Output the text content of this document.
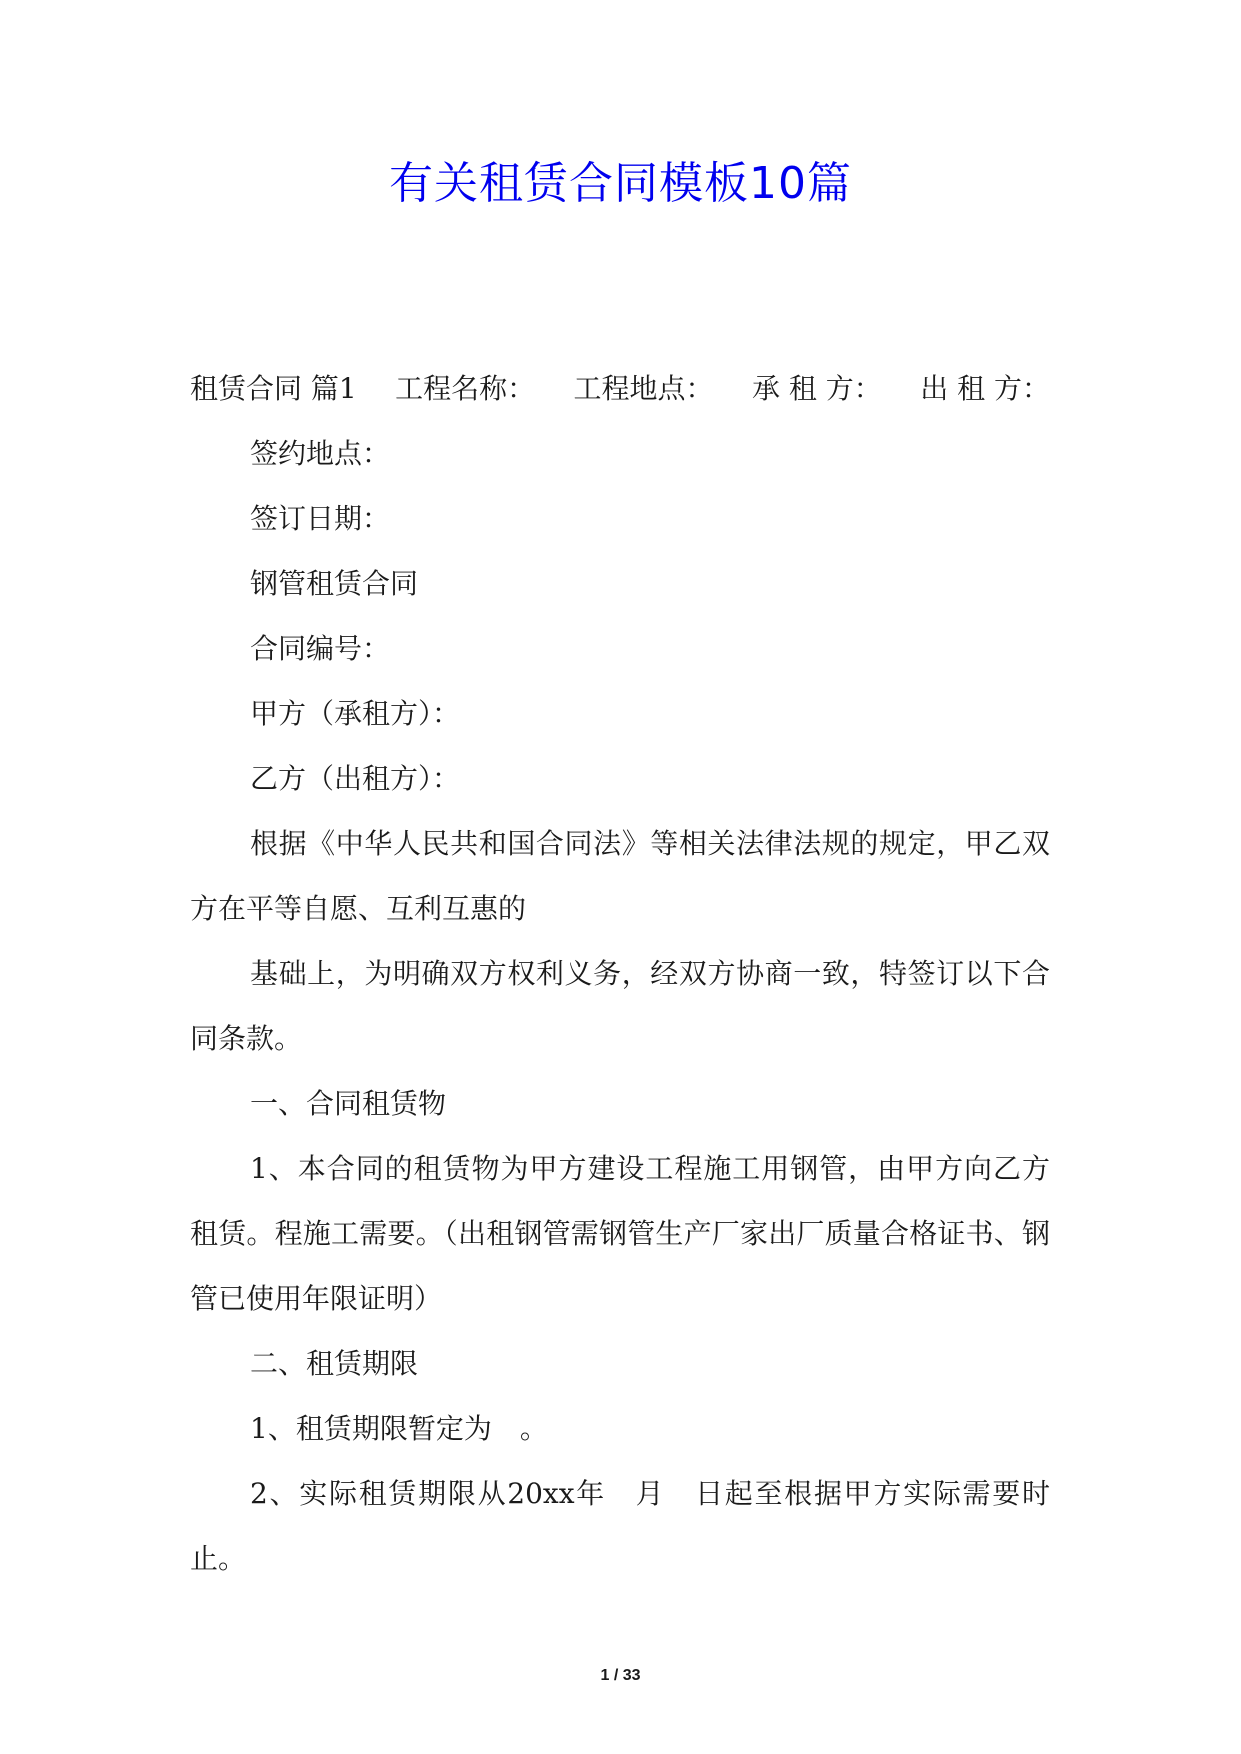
有关租赁合同模板10篇
租赁合同 篇1 工程名称： 工程地点： 承 租 方： 出 租 方：

签约地点：

签订日期：

钢管租赁合同

合同编号：

甲方（承租方）：

乙方（出租方）：

根据《中华人民共和国合同法》等相关法律法规的规定，甲乙双方在平等自愿、互利互惠的

基础上，为明确双方权利义务，经双方协商一致，特签订以下合同条款。

一、合同租赁物

1、本合同的租赁物为甲方建设工程施工用钢管，由甲方向乙方租赁。程施工需要。（出租钢管需钢管生产厂家出厂质量合格证书、钢管已使用年限证明）

二、租赁期限

1、租赁期限暂定为　。

2、实际租赁期限从20xx年　月　日起至根据甲方实际需要时止。

1 / 33
